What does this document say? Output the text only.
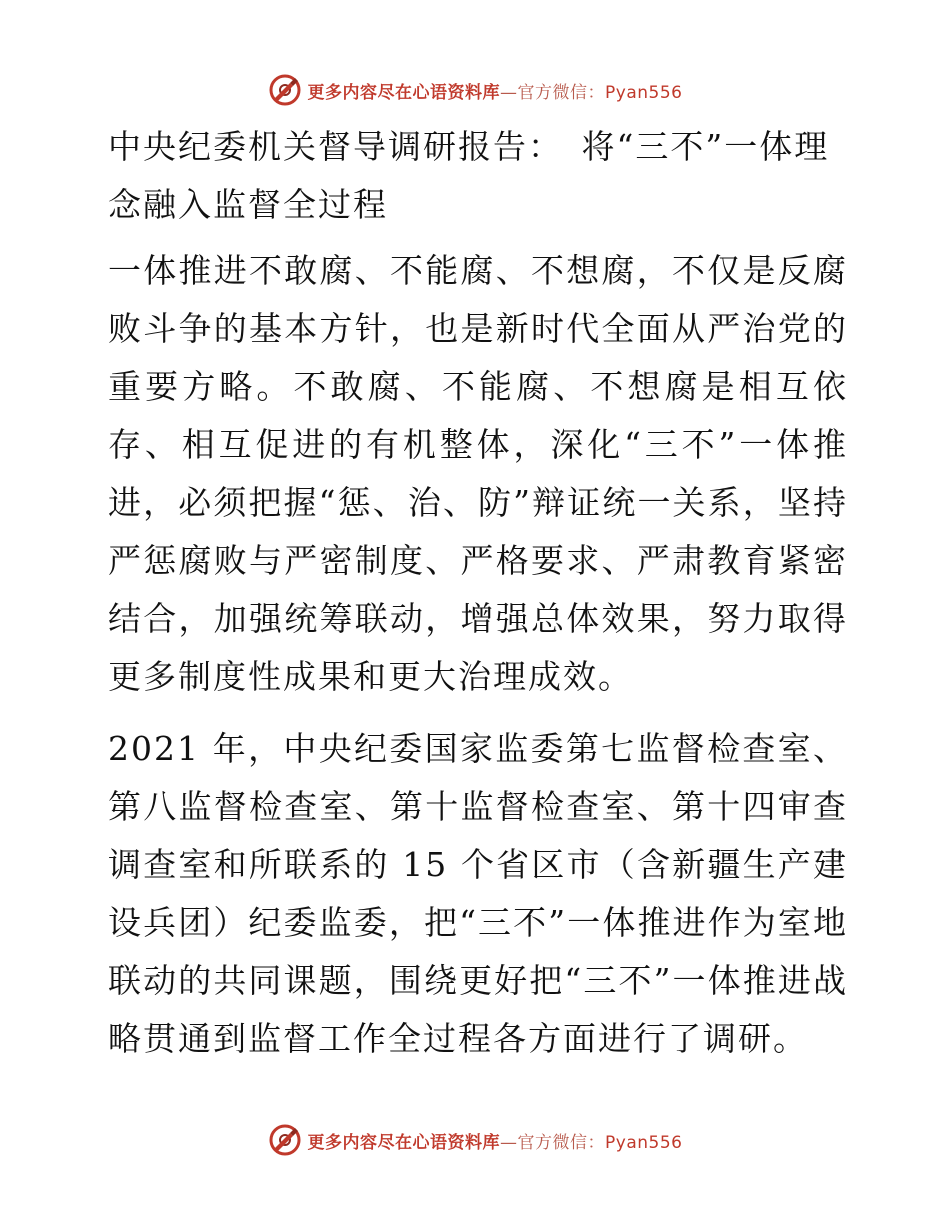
更多内容尽在心语资料库—官方微信：Pyan556
中央纪委机关督导调研报告：　将“三不”一体理念融入监督全过程

一体推进不敢腐、不能腐、不想腐，不仅是反腐败斗争的基本方针，也是新时代全面从严治党的重要方略。不敢腐、不能腐、不想腐是相互依存、相互促进的有机整体，深化“三不”一体推进，必须把握“惩、治、防”辩证统一关系，坚持严惩腐败与严密制度、严格要求、严肃教育紧密结合，加强统筹联动，增强总体效果，努力取得更多制度性成果和更大治理成效。

2021 年，中央纪委国家监委第七监督检查室、第八监督检查室、第十监督检查室、第十四审查调查室和所联系的 15 个省区市（含新疆生产建设兵团）纪委监委，把“三不”一体推进作为室地联动的共同课题，围绕更好把“三不”一体推进战略贯通到监督工作全过程各方面进行了调研。

更多内容尽在心语资料库—官方微信：Pyan556
